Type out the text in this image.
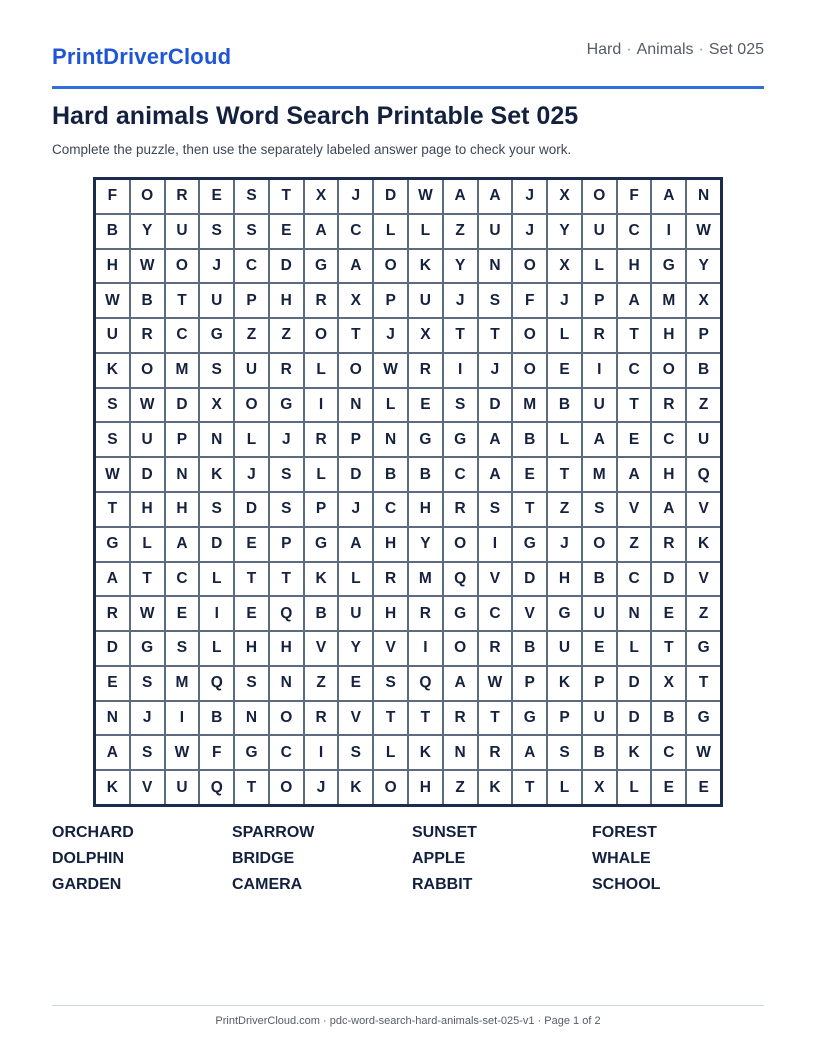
PrintDriverCloud	Hard · Animals · Set 025
Hard animals Word Search Printable Set 025
Complete the puzzle, then use the separately labeled answer page to check your work.
F	O	R	E	S	T	X	J	D	W	A	A	J	X	O	F	A	N
B	Y	U	S	S	E	A	C	L	L	Z	U	J	Y	U	C	I	W
H	W	O	J	C	D	G	A	O	K	Y	N	O	X	L	H	G	Y
W	B	T	U	P	H	R	X	P	U	J	S	F	J	P	A	M	X
U	R	C	G	Z	Z	O	T	J	X	T	T	O	L	R	T	H	P
K	O	M	S	U	R	L	O	W	R	I	J	O	E	I	C	O	B
S	W	D	X	O	G	I	N	L	E	S	D	M	B	U	T	R	Z
S	U	P	N	L	J	R	P	N	G	G	A	B	L	A	E	C	U
W	D	N	K	J	S	L	D	B	B	C	A	E	T	M	A	H	Q
T	H	H	S	D	S	P	J	C	H	R	S	T	Z	S	V	A	V
G	L	A	D	E	P	G	A	H	Y	O	I	G	J	O	Z	R	K
A	T	C	L	T	T	K	L	R	M	Q	V	D	H	B	C	D	V
R	W	E	I	E	Q	B	U	H	R	G	C	V	G	U	N	E	Z
D	G	S	L	H	H	V	Y	V	I	O	R	B	U	E	L	T	G
E	S	M	Q	S	N	Z	E	S	Q	A	W	P	K	P	D	X	T
N	J	I	B	N	O	R	V	T	T	R	T	G	P	U	D	B	G
A	S	W	F	G	C	I	S	L	K	N	R	A	S	B	K	C	W
K	V	U	Q	T	O	J	K	O	H	Z	K	T	L	X	L	E	E
ORCHARD	SPARROW	SUNSET	FOREST
DOLPHIN	BRIDGE	APPLE	WHALE
GARDEN	CAMERA	RABBIT	SCHOOL
PrintDriverCloud.com · pdc-word-search-hard-animals-set-025-v1 · Page 1 of 2
